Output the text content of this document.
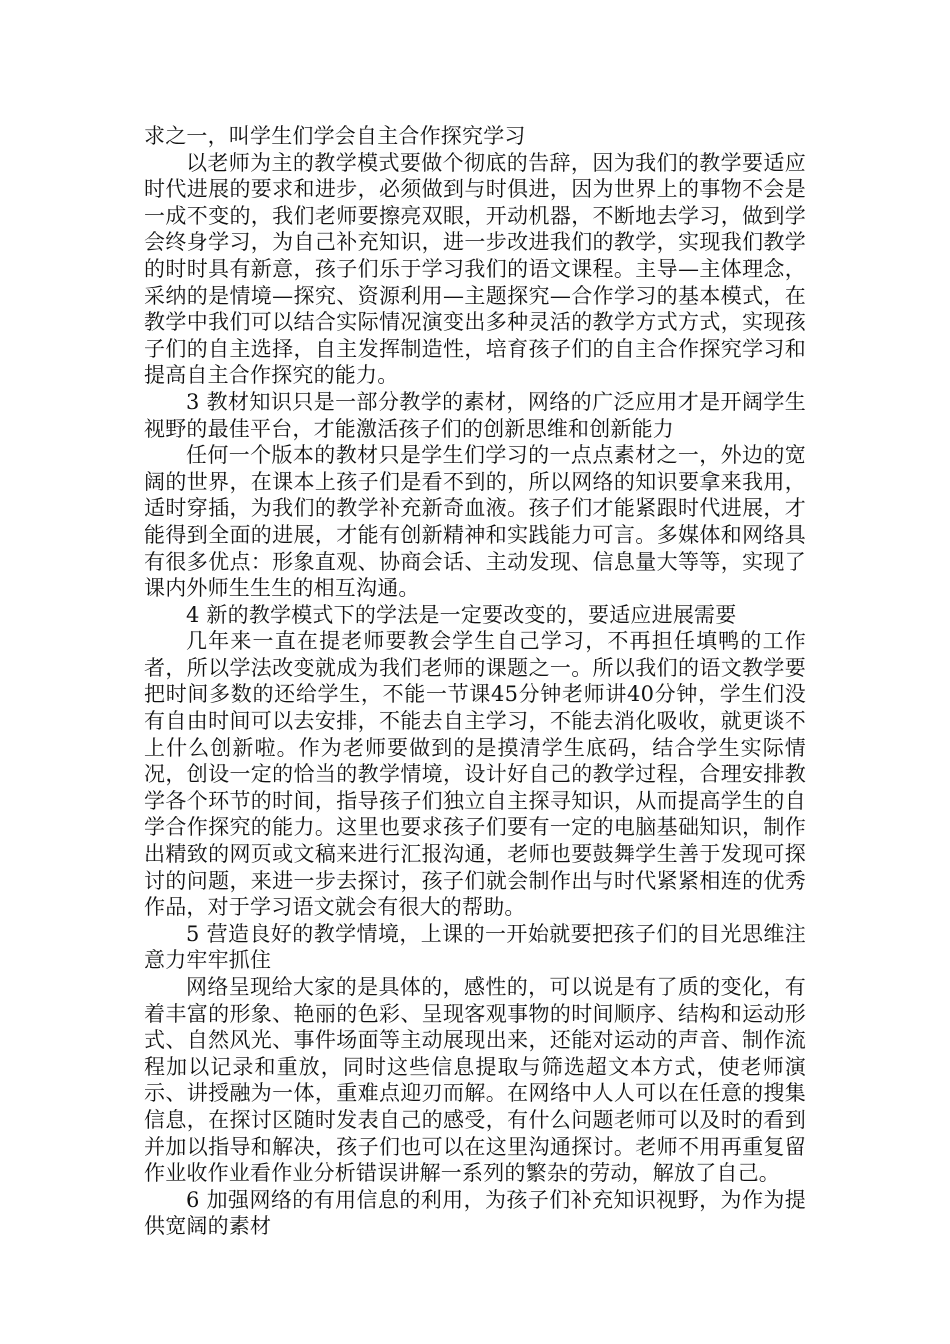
求之一，叫学生们学会自主合作探究学习

以老师为主的教学模式要做个彻底的告辞，因为我们的教学要适应时代进展的要求和进步，必须做到与时俱进，因为世界上的事物不会是一成不变的，我们老师要擦亮双眼，开动机器，不断地去学习，做到学会终身学习，为自己补充知识，进一步改进我们的教学，实现我们教学的时时具有新意，孩子们乐于学习我们的语文课程。主导—主体理念，采纳的是情境—探究、资源利用—主题探究—合作学习的基本模式，在教学中我们可以结合实际情况演变出多种灵活的教学方式方式，实现孩子们的自主选择，自主发挥制造性，培育孩子们的自主合作探究学习和提高自主合作探究的能力。

3 教材知识只是一部分教学的素材，网络的广泛应用才是开阔学生视野的最佳平台，才能激活孩子们的创新思维和创新能力

任何一个版本的教材只是学生们学习的一点点素材之一，外边的宽阔的世界，在课本上孩子们是看不到的，所以网络的知识要拿来我用，适时穿插，为我们的教学补充新奇血液。孩子们才能紧跟时代进展，才能得到全面的进展，才能有创新精神和实践能力可言。多媒体和网络具有很多优点：形象直观、协商会话、主动发现、信息量大等等，实现了课内外师生生生的相互沟通。

4 新的教学模式下的学法是一定要改变的，要适应进展需要

几年来一直在提老师要教会学生自己学习，不再担任填鸭的工作者，所以学法改变就成为我们老师的课题之一。所以我们的语文教学要把时间多数的还给学生，不能一节课45分钟老师讲40分钟，学生们没有自由时间可以去安排，不能去自主学习，不能去消化吸收，就更谈不上什么创新啦。作为老师要做到的是摸清学生底码，结合学生实际情况，创设一定的恰当的教学情境，设计好自己的教学过程，合理安排教学各个环节的时间，指导孩子们独立自主探寻知识，从而提高学生的自学合作探究的能力。这里也要求孩子们要有一定的电脑基础知识，制作出精致的网页或文稿来进行汇报沟通，老师也要鼓舞学生善于发现可探讨的问题，来进一步去探讨，孩子们就会制作出与时代紧紧相连的优秀作品，对于学习语文就会有很大的帮助。

5 营造良好的教学情境，上课的一开始就要把孩子们的目光思维注意力牢牢抓住

网络呈现给大家的是具体的，感性的，可以说是有了质的变化，有着丰富的形象、艳丽的色彩、呈现客观事物的时间顺序、结构和运动形式、自然风光、事件场面等主动展现出来，还能对运动的声音、制作流程加以记录和重放，同时这些信息提取与筛选超文本方式，使老师演示、讲授融为一体，重难点迎刃而解。在网络中人人可以在任意的搜集信息，在探讨区随时发表自己的感受，有什么问题老师可以及时的看到并加以指导和解决，孩子们也可以在这里沟通探讨。老师不用再重复留作业收作业看作业分析错误讲解一系列的繁杂的劳动，解放了自己。

6 加强网络的有用信息的利用，为孩子们补充知识视野，为作为提供宽阔的素材
